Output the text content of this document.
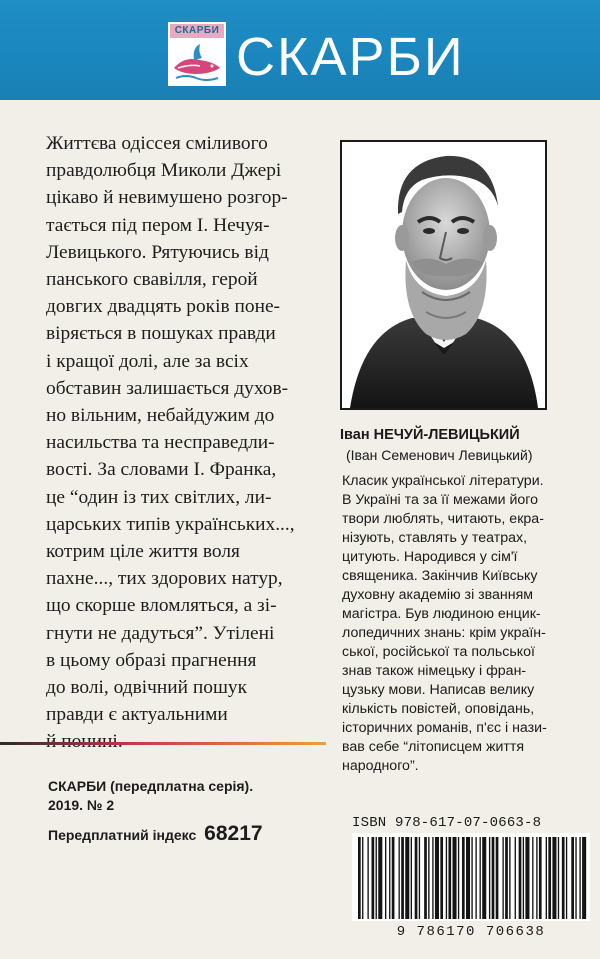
СКАРБИ СКАРБИ

Життєва одіссея сміливого

правдолюбця Миколи Джері

цікаво й невимушено розгор-

тається під пером І. Нечуя-

Левицького. Рятуючись від

панського свавілля, герой

довгих двадцять років поне-

віряється в пошуках правди

і кращої долі, але за всіх

обставин залишається духов-

но вільним, небайдужим до

насильства та несправедли-

вості. За словами І. Франка,

це “один із тих світлих, ли-

царських типів українських...,

котрим ціле життя воля

пахне..., тих здорових натур,

що скорше вломляться, а зі-

гнути не дадуться”. Утілені

в цьому образі прагнення

до волі, одвічний пошук

правди є актуальними

СКАРБИ (передплатна серія).
2019. № 2
Передплатний індекс 68217
Іван НЕЧУЙ-ЛЕВИЦЬКИЙ
(Іван Семенович Левицький)

Класик української літератури.

В Україні та за її межами його

твори люблять, читають, екра-

нізують, ставлять у театрах,

цитують. Народився у сім'ї

священика. Закінчив Київську

духовну академію зі званням

магістра. Був людиною енцик-

лопедичних знань: крім україн-

ської, російської та польської

знав також німецьку і фран-

цузьку мови. Написав велику

кількість повістей, оповідань,

історичних романів, п'єс і нази-

вав себе “літописцем життя

народного”.

ISBN 978-617-07-0663-8
9 786170 706638
